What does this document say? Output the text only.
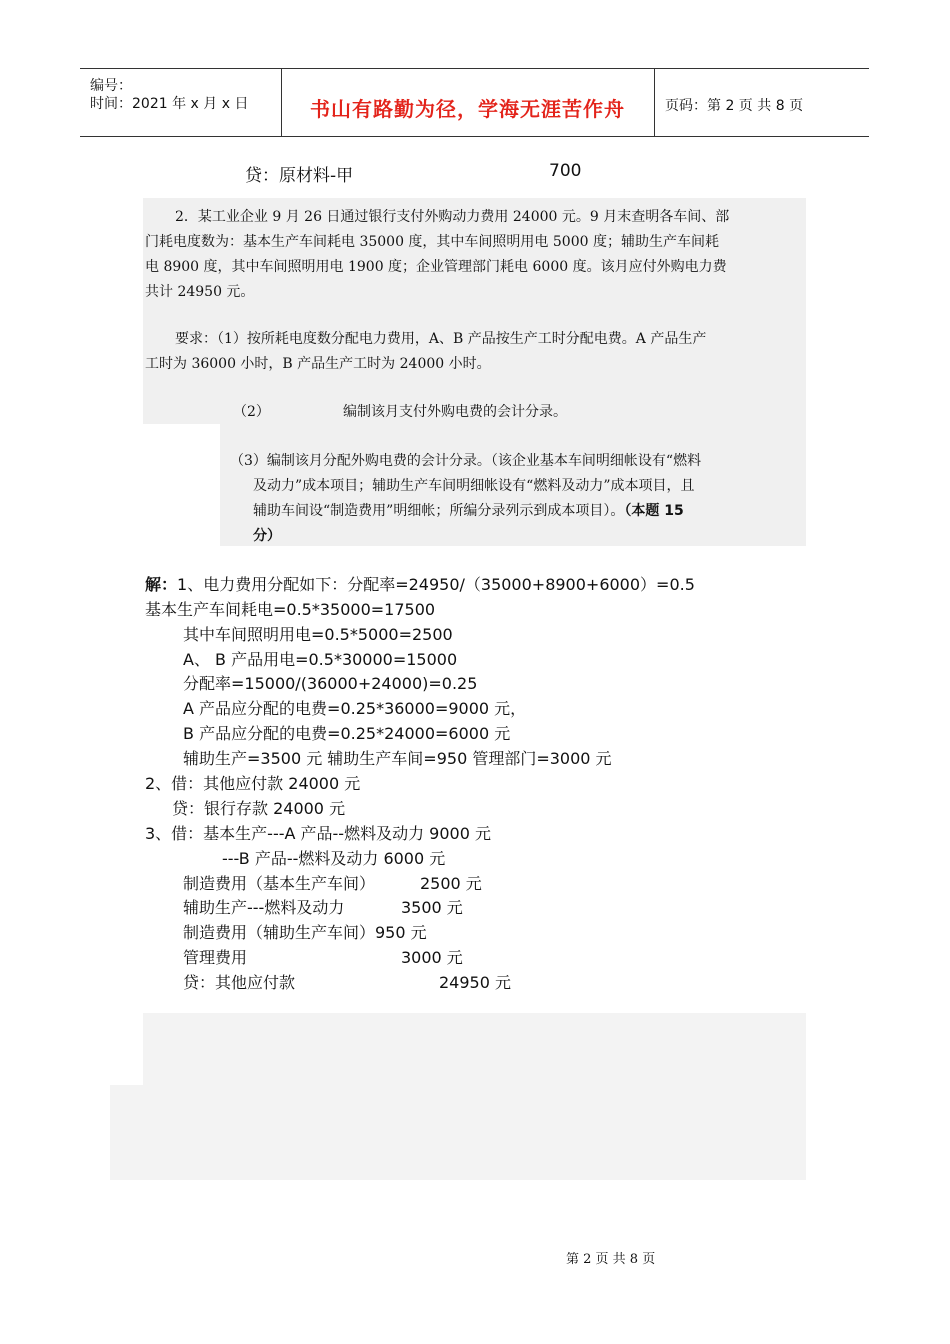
编号：
时间：2021 年 x 月 x 日	书山有路勤为径，学海无涯苦作舟	页码：第 2 页 共 8 页
贷：原材料-甲	700
2．某工业企业 9 月 26 日通过银行支付外购动力费用 24000 元。9 月末查明各车间、部
门耗电度数为：基本生产车间耗电 35000 度，其中车间照明用电 5000 度；辅助生产车间耗
电 8900 度，其中车间照明用电 1900 度；企业管理部门耗电 6000 度。该月应付外购电力费
共计 24950 元。
要求：（1）按所耗电度数分配电力费用，A、B 产品按生产工时分配电费。A 产品生产
工时为 36000 小时，B 产品生产工时为 24000 小时。
（2）	编制该月支付外购电费的会计分录。
（3）编制该月分配外购电费的会计分录。（该企业基本车间明细帐设有“燃料
及动力”成本项目；辅助生产车间明细帐设有“燃料及动力”成本项目，且
辅助车间设“制造费用”明细帐；所编分录列示到成本项目）。（本题 15
分）
解：1、电力费用分配如下：分配率=24950/（35000+8900+6000）=0.5
基本生产车间耗电=0.5*35000=17500
其中车间照明用电=0.5*5000=2500
A、 B 产品用电=0.5*30000=15000
分配率=15000/(36000+24000)=0.25
A 产品应分配的电费=0.25*36000=9000 元，
B 产品应分配的电费=0.25*24000=6000 元
辅助生产=3500 元 辅助生产车间=950 管理部门=3000 元
2、借：其他应付款 24000 元
贷：银行存款 24000 元
3、借：基本生产---A 产品--燃料及动力 9000 元
---B 产品--燃料及动力 6000 元
制造费用（基本生产车间）	2500 元
辅助生产---燃料及动力	3500 元
制造费用（辅助生产车间）950 元
管理费用	3000 元
贷：其他应付款	24950 元
第 2 页 共 8 页
